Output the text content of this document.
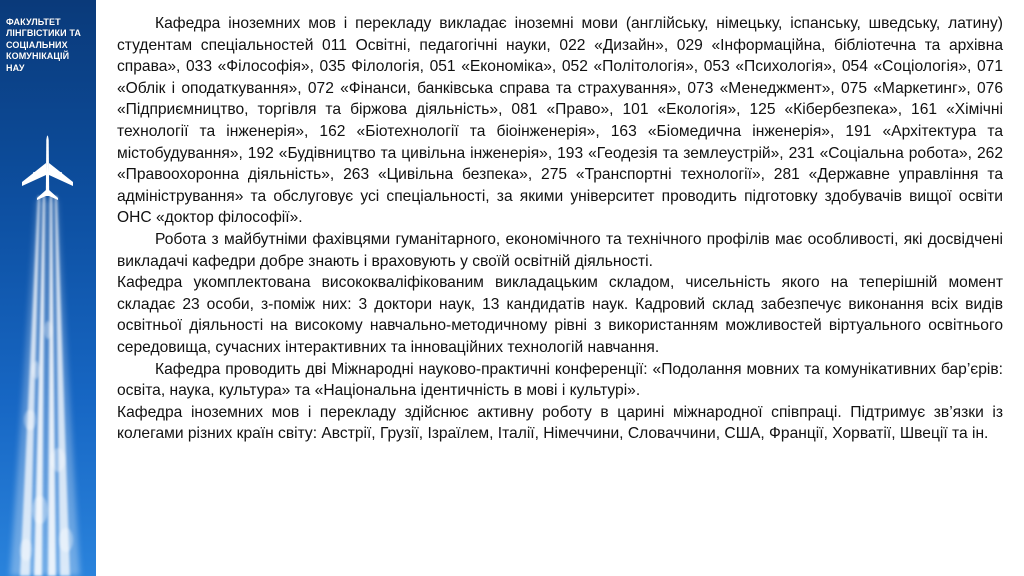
ФАКУЛЬТЕТ
ЛІНГВІСТИКИ ТА
СОЦІАЛЬНИХ
КОМУНІКАЦІЙ
НАУ

Кафедра іноземних мов і перекладу викладає іноземні мови (англійську, німецьку, іспанську, шведську, латину) студентам спеціальностей 011 Освітні, педагогічні науки, 022 «Дизайн», 029 «Інформаційна, бібліотечна та архівна справа», 033 «Філософія», 035 Філологія, 051 «Економіка», 052 «Політологія», 053 «Психологія», 054 «Соціологія», 071 «Облік і оподаткування», 072 «Фінанси, банківська справа та страхування», 073 «Менеджмент», 075 «Маркетинг», 076 «Підприємництво, торгівля та біржова діяльність», 081 «Право», 101 «Екологія», 125 «Кібербезпека», 161 «Хімічні технології та інженерія», 162 «Біотехнології та біоінженерія», 163 «Біомедична інженерія», 191 «Архітектура та містобудування», 192 «Будівництво та цивільна інженерія», 193 «Геодезія та землеустрій», 231 «Соціальна робота», 262 «Правоохоронна діяльність», 263 «Цивільна безпека», 275 «Транспортні технології», 281 «Державне управління та адміністрування» та обслуговує усі спеціальності, за якими університет проводить підготовку здобувачів вищої освіти ОНС «доктор філософії».

Робота з майбутніми фахівцями гуманітарного, економічного та технічного профілів має особливості, які досвідчені викладачі кафедри добре знають і враховують у своїй освітній діяльності.

Кафедра укомплектована висококваліфікованим викладацьким складом, чисельність якого на теперішній момент складає 23 особи, з-поміж них: 3 доктори наук, 13 кандидатів наук. Кадровий склад забезпечує виконання всіх видів освітньої діяльності на високому навчально-методичному рівні з використанням можливостей віртуального освітнього середовища, сучасних інтерактивних та інноваційних технологій навчання.

Кафедра проводить дві Міжнародні науково-практичні конференції: «Подолання мовних та комунікативних бар’єрів: освіта, наука, культура» та «Національна ідентичність в мові і культурі».

Кафедра іноземних мов і перекладу здійснює активну роботу в царині міжнародної співпраці. Підтримує зв’язки із колегами різних країн світу: Австрії, Грузії, Ізраїлем, Італії, Німеччини, Словаччини, США, Франції, Хорватії, Швеції та ін.
